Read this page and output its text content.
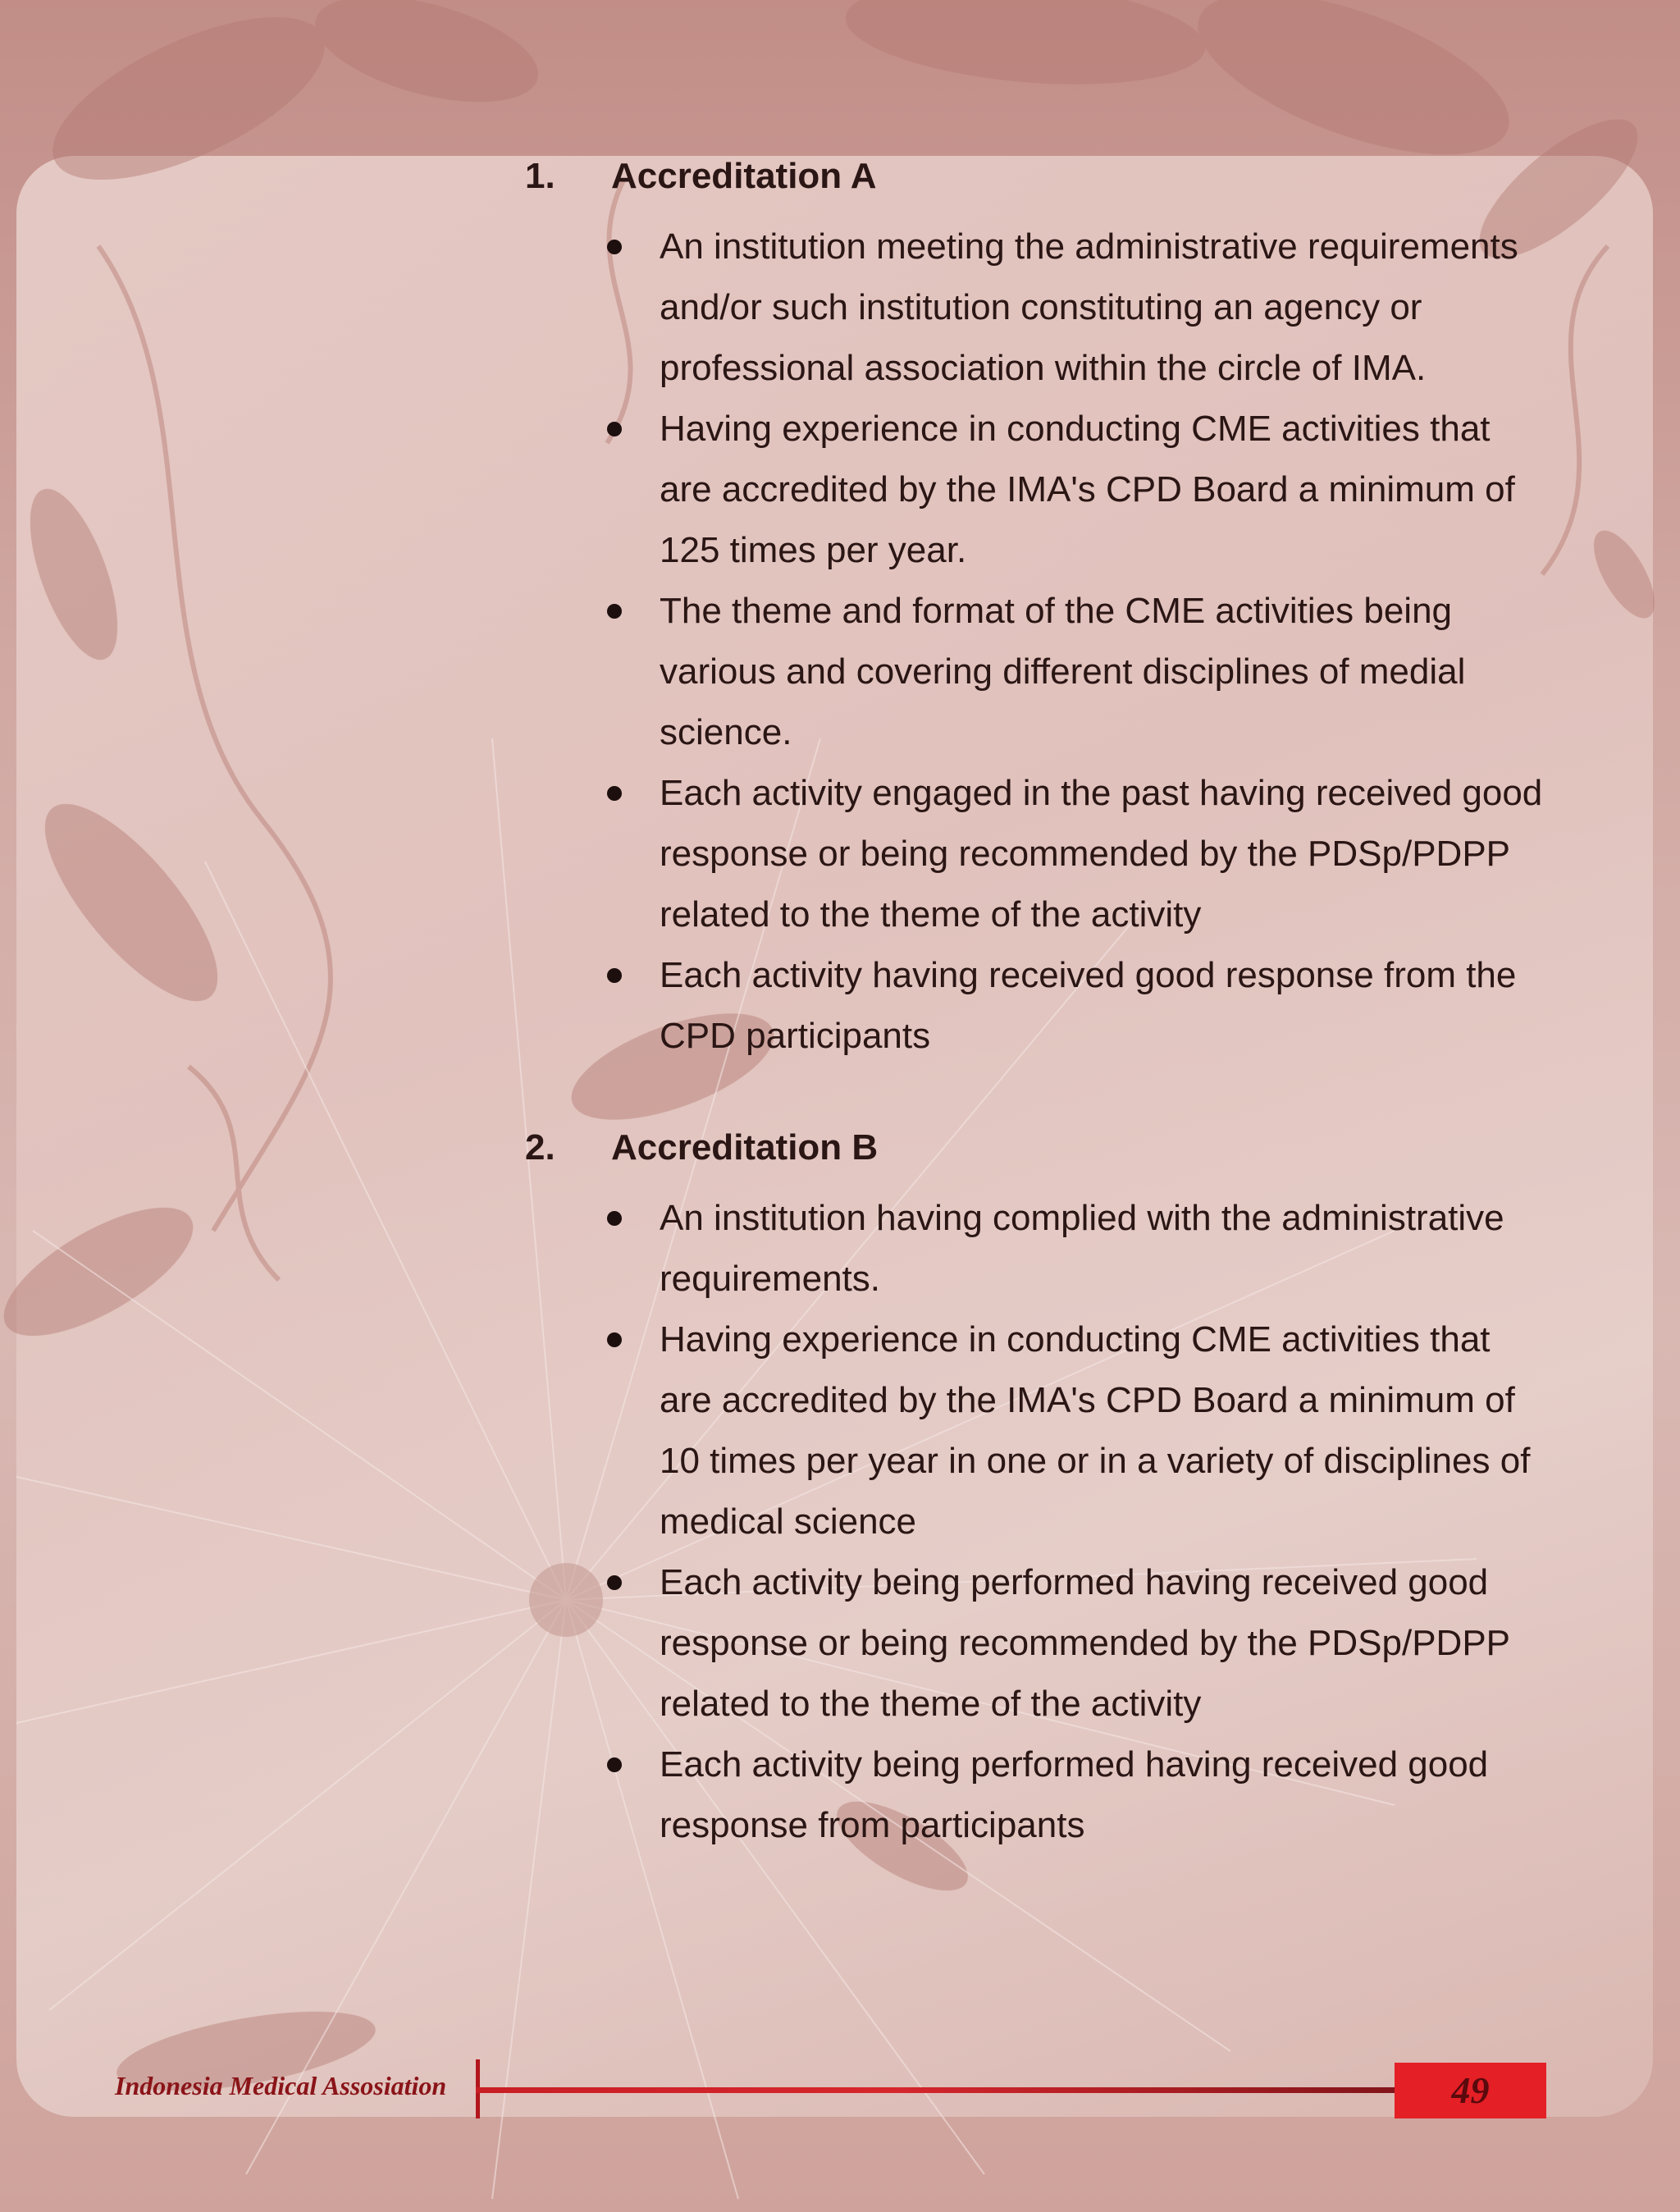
1.	Accreditation A
An institution meeting the administrative requirements and/or such institution constituting an agency or professional association within the circle of IMA.
Having experience in conducting CME activities that are accredited by the IMA's CPD Board a minimum of 125 times per year.
The theme and format of the CME activities being various and covering different disciplines of medial science.
Each activity engaged in the past having received good response or being recommended by the PDSp/PDPP related to the theme of the activity
Each activity having received good response from the CPD participants
2.	Accreditation B
An institution having complied with the administrative requirements.
Having experience in conducting CME activities that are accredited by the IMA's CPD Board a minimum of 10 times per year in one or in a variety of disciplines of medical science
Each activity being performed having received good response or being recommended by the PDSp/PDPP related to the theme of the activity
Each activity being performed having received good response from participants
Indonesia Medical Assosiation	49
